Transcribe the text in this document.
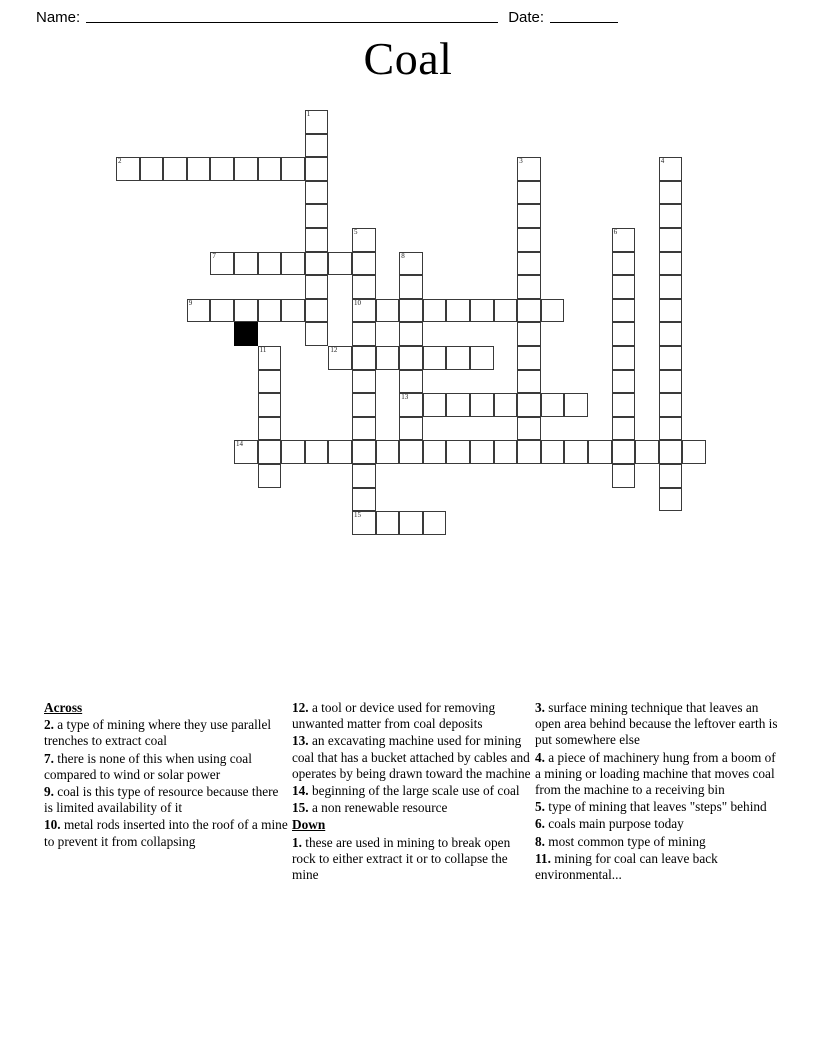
Name:	Date:
Coal
1
2	3	4
5	6
7	8
9	10
11	12
13
14
15
Across

2. a type of mining where they use parallel trenches to extract coal

7. there is none of this when using coal compared to wind or solar power

9. coal is this type of resource because there is limited availability of it

10. metal rods inserted into the roof of a mine to prevent it from collapsing

12. a tool or device used for removing unwanted matter from coal deposits

13. an excavating machine used for mining coal that has a bucket attached by cables and operates by being drawn toward the machine

14. beginning of the large scale use of coal

15. a non renewable resource

Down

1. these are used in mining to break open rock to either extract it or to collapse the mine

3. surface mining technique that leaves an open area behind because the leftover earth is put somewhere else

4. a piece of machinery hung from a boom of a mining or loading machine that moves coal from the machine to a receiving bin

5. type of mining that leaves "steps" behind

6. coals main purpose today

8. most common type of mining

11. mining for coal can leave back environmental...
